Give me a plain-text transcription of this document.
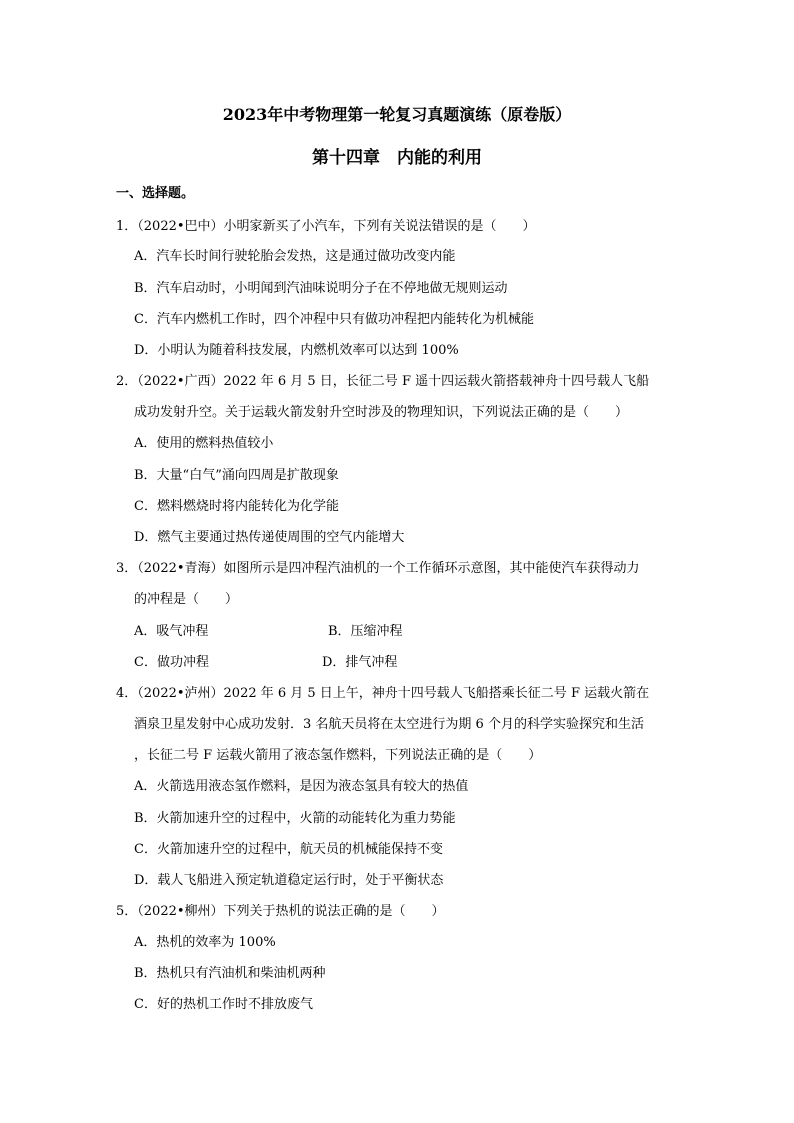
2023年中考物理第一轮复习真题演练（原卷版）
第十四章　内能的利用

一、选择题。

1．（2022•巴中）小明家新买了小汽车，下列有关说法错误的是（　　）

A．汽车长时间行驶轮胎会发热，这是通过做功改变内能

B．汽车启动时，小明闻到汽油味说明分子在不停地做无规则运动

C．汽车内燃机工作时，四个冲程中只有做功冲程把内能转化为机械能

D．小明认为随着科技发展，内燃机效率可以达到 100%

2．（2022•广西）2022 年 6 月 5 日，长征二号 F 遥十四运载火箭搭载神舟十四号载人飞船
成功发射升空。关于运载火箭发射升空时涉及的物理知识，下列说法正确的是（　　）

A．使用的燃料热值较小

B．大量“白气”涌向四周是扩散现象

C．燃料燃烧时将内能转化为化学能

D．燃气主要通过热传递使周围的空气内能增大

3．（2022•青海）如图所示是四冲程汽油机的一个工作循环示意图，其中能使汽车获得动力
的冲程是（　　）

A．吸气冲程	B．压缩冲程

C．做功冲程	D．排气冲程

4．（2022•泸州）2022 年 6 月 5 日上午，神舟十四号载人飞船搭乘长征二号 F 运载火箭在
酒泉卫星发射中心成功发射．3 名航天员将在太空进行为期 6 个月的科学实验探究和生活
，长征二号 F 运载火箭用了液态氢作燃料，下列说法正确的是（　　）

A．火箭选用液态氢作燃料，是因为液态氢具有较大的热值

B．火箭加速升空的过程中，火箭的动能转化为重力势能

C．火箭加速升空的过程中，航天员的机械能保持不变

D．载人飞船进入预定轨道稳定运行时，处于平衡状态

5．（2022•柳州）下列关于热机的说法正确的是（　　）

A．热机的效率为 100%

B．热机只有汽油机和柴油机两种

C．好的热机工作时不排放废气
